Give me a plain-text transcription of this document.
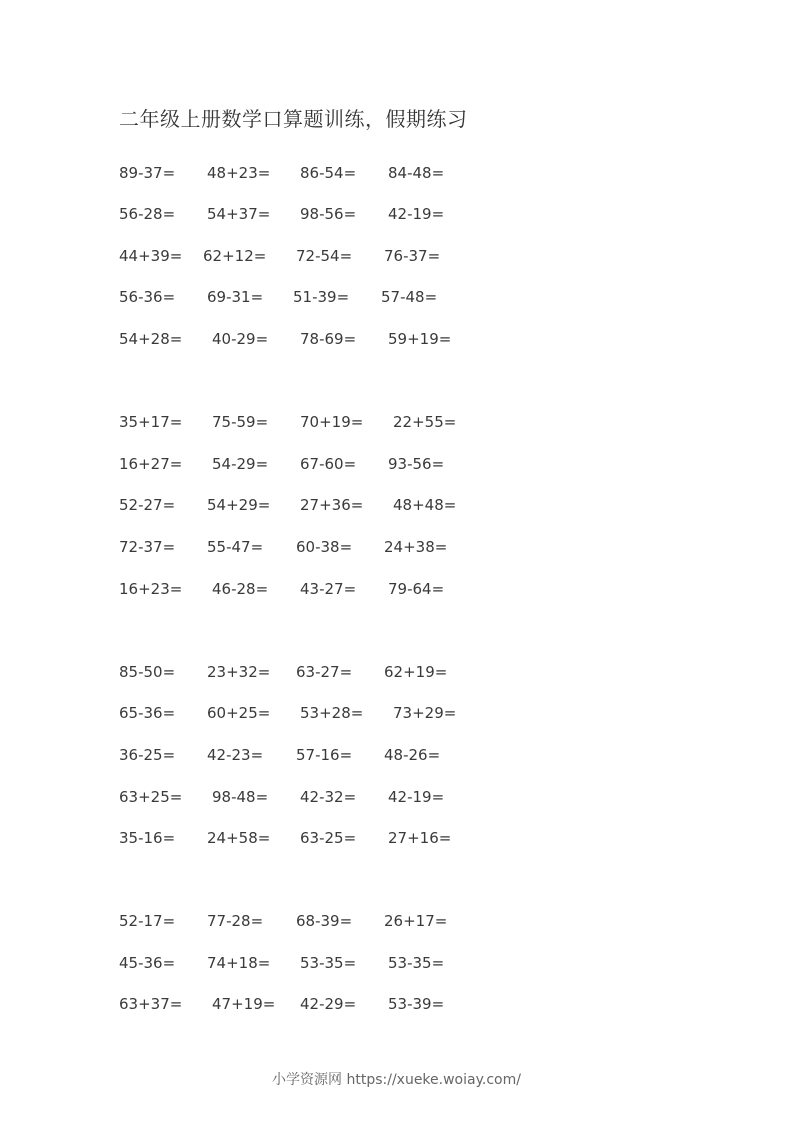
二年级上册数学口算题训练，假期练习
89-37= 48+23= 86-54= 84-48=
56-28= 54+37= 98-56= 42-19=
44+39= 62+12= 72-54= 76-37=
56-36= 69-31= 51-39= 57-48=
54+28= 40-29= 78-69= 59+19=
35+17= 75-59= 70+19= 22+55=
16+27= 54-29= 67-60= 93-56=
52-27= 54+29= 27+36= 48+48=
72-37= 55-47= 60-38= 24+38=
16+23= 46-28= 43-27= 79-64=
85-50= 23+32= 63-27= 62+19=
65-36= 60+25= 53+28= 73+29=
36-25= 42-23= 57-16= 48-26=
63+25= 98-48= 42-32= 42-19=
35-16= 24+58= 63-25= 27+16=
52-17= 77-28= 68-39= 26+17=
45-36= 74+18= 53-35= 53-35=
63+37= 47+19= 42-29= 53-39=
小学资源网 https://xueke.woiay.com/
